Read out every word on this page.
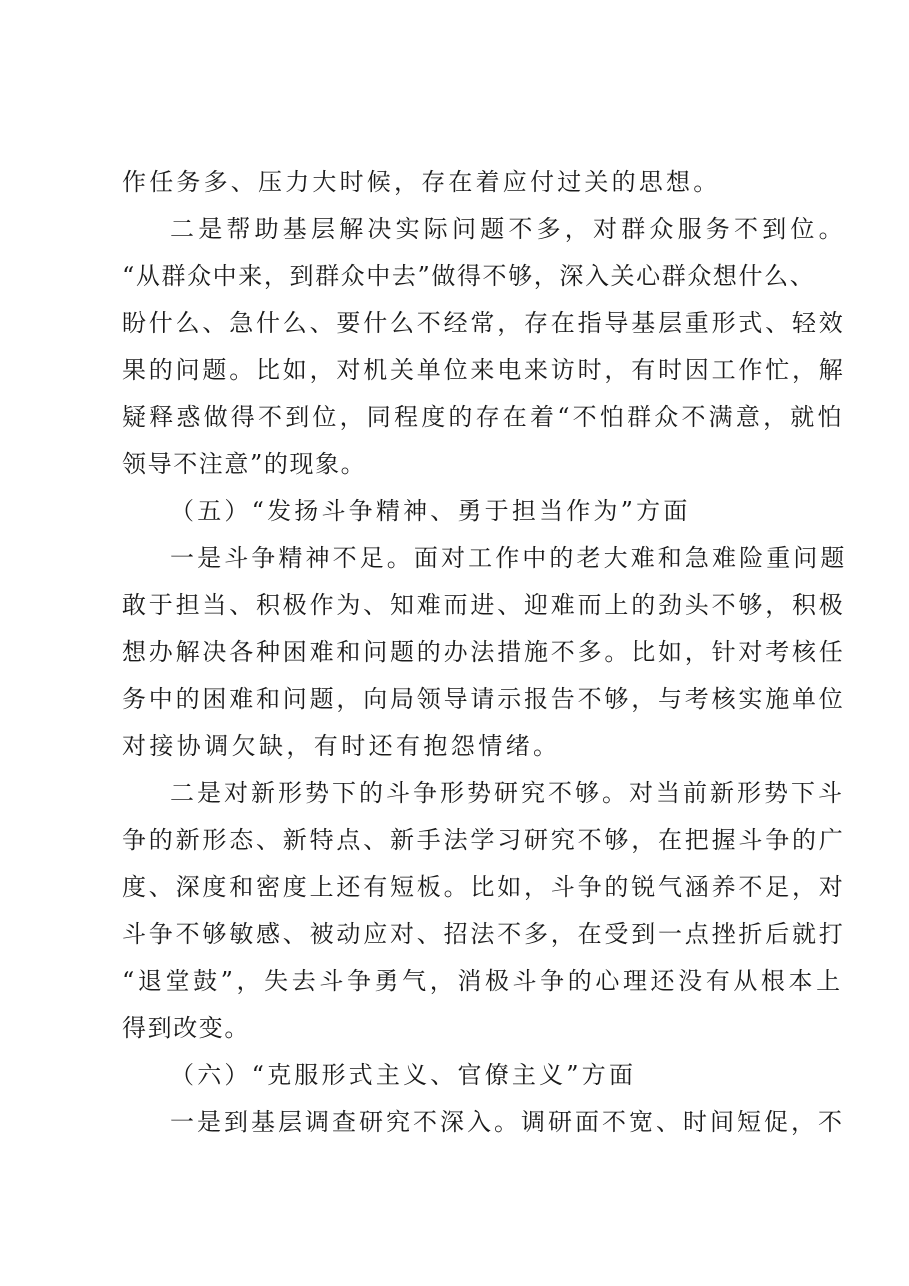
作任务多、压力大时候，存在着应付过关的思想。

二是帮助基层解决实际问题不多，对群众服务不到位。

“从群众中来，到群众中去”做得不够，深入关心群众想什么、

盼什么、急什么、要什么不经常，存在指导基层重形式、轻效

果的问题。比如，对机关单位来电来访时，有时因工作忙，解

疑释惑做得不到位，同程度的存在着“不怕群众不满意，就怕

领导不注意”的现象。

（五）“发扬斗争精神、勇于担当作为”方面

一是斗争精神不足。面对工作中的老大难和急难险重问题

敢于担当、积极作为、知难而进、迎难而上的劲头不够，积极

想办解决各种困难和问题的办法措施不多。比如，针对考核任

务中的困难和问题，向局领导请示报告不够，与考核实施单位

对接协调欠缺，有时还有抱怨情绪。

二是对新形势下的斗争形势研究不够。对当前新形势下斗

争的新形态、新特点、新手法学习研究不够，在把握斗争的广

度、深度和密度上还有短板。比如，斗争的锐气涵养不足，对

斗争不够敏感、被动应对、招法不多，在受到一点挫折后就打

“退堂鼓”，失去斗争勇气，消极斗争的心理还没有从根本上

得到改变。

（六）“克服形式主义、官僚主义”方面

一是到基层调查研究不深入。调研面不宽、时间短促，不
